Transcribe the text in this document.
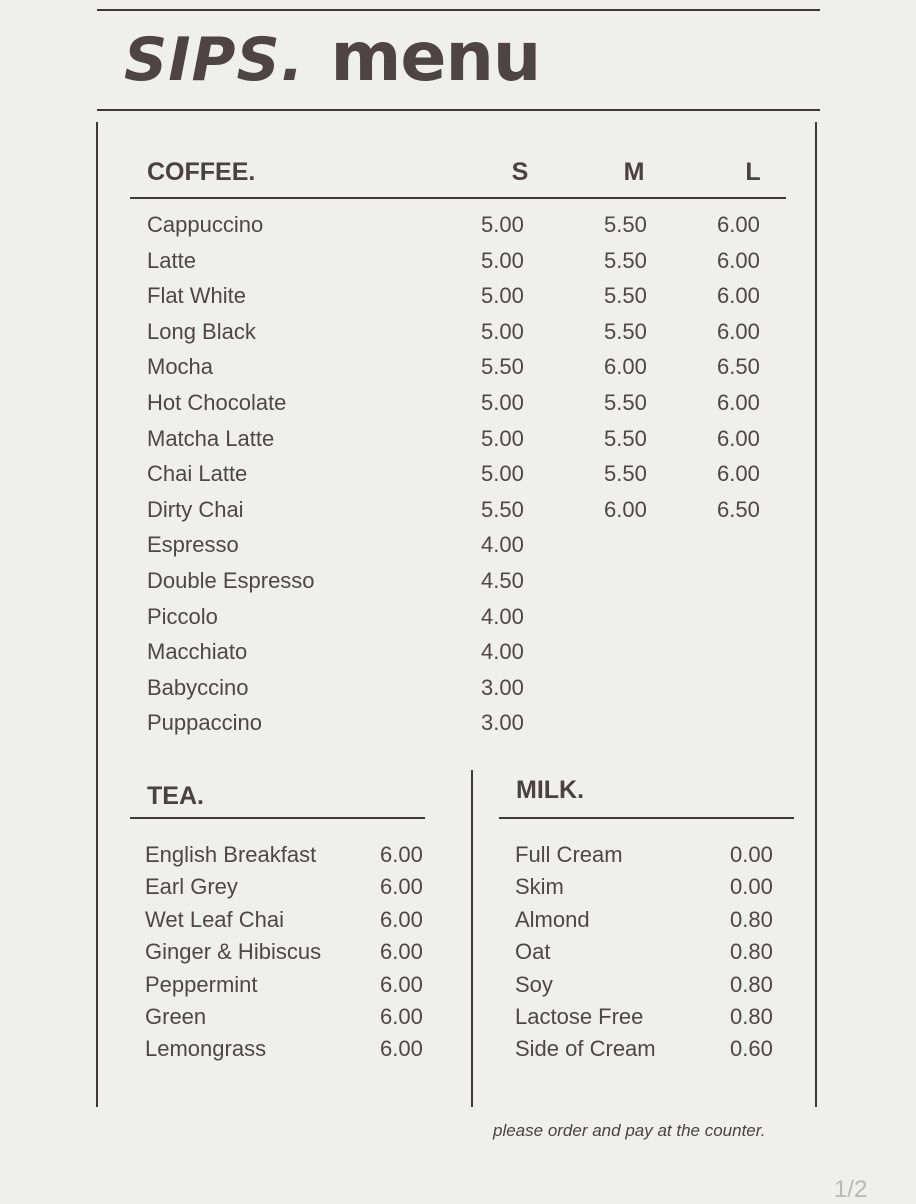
SIPS. menu
COFFEE.	S	M	L
Cappuccino	5.00	5.50	6.00
Latte	5.00	5.50	6.00
Flat White	5.00	5.50	6.00
Long Black	5.00	5.50	6.00
Mocha	5.50	6.00	6.50
Hot Chocolate	5.00	5.50	6.00
Matcha Latte	5.00	5.50	6.00
Chai Latte	5.00	5.50	6.00
Dirty Chai	5.50	6.00	6.50
Espresso	4.00
Double Espresso	4.50
Piccolo	4.00
Macchiato	4.00
Babyccino	3.00
Puppaccino	3.00
TEA.
English Breakfast	6.00
Earl Grey	6.00
Wet Leaf Chai	6.00
Ginger & Hibiscus	6.00
Peppermint	6.00
Green	6.00
Lemongrass	6.00
MILK.
Full Cream	0.00
Skim	0.00
Almond	0.80
Oat	0.80
Soy	0.80
Lactose Free	0.80
Side of Cream	0.60
please order and pay at the counter.
1/2
